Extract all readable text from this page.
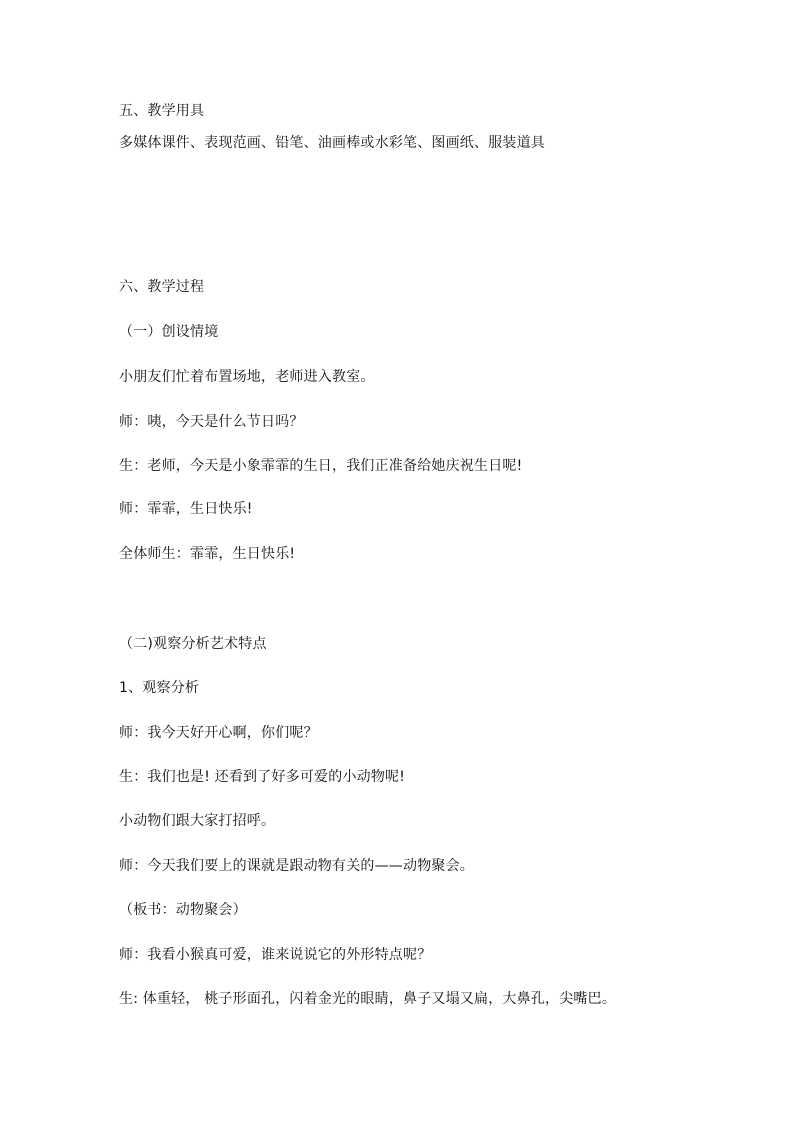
五、教学用具
多媒体课件、表现范画、铅笔、油画棒或水彩笔、图画纸、服装道具
六、教学过程
（一）创设情境
小朋友们忙着布置场地，老师进入教室。
师：咦，今天是什么节日吗？
生：老师，今天是小象霏霏的生日，我们正准备给她庆祝生日呢!
师：霏霏，生日快乐!
全体师生：霏霏，生日快乐!
（二)观察分析艺术特点
1、观察分析
师：我今天好开心啊，你们呢？
生：我们也是! 还看到了好多可爱的小动物呢!
小动物们跟大家打招呼。
师：今天我们要上的课就是跟动物有关的——动物聚会。
（板书：动物聚会）
师：我看小猴真可爱，谁来说说它的外形特点呢？
生: 体重轻， 桃子形面孔，闪着金光的眼睛，鼻子又塌又扁，大鼻孔，尖嘴巴。
